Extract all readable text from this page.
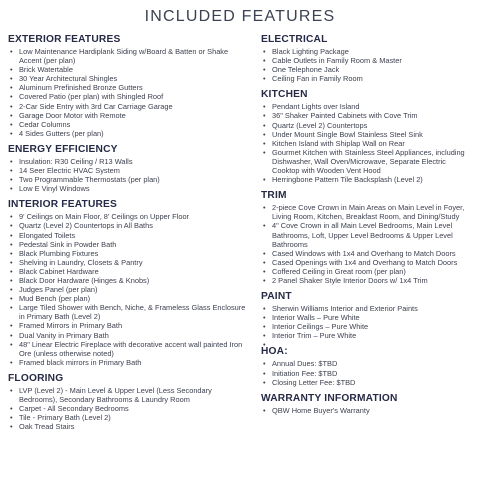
INCLUDED FEATURES
EXTERIOR FEATURES
• Low Maintenance Hardiplank Siding w/Board & Batten or Shake Accent (per plan)
• Brick Watertable
• 30 Year Architectural Shingles
• Aluminum Prefinished Bronze Gutters
• Covered Patio (per plan) with Shingled Roof
• 2-Car Side Entry with 3rd Car Carriage Garage
• Garage Door Motor with Remote
• Cedar Columns
• 4 Sides Gutters (per plan)
ENERGY EFFICIENCY
• Insulation: R30 Ceiling / R13 Walls
• 14 Seer Electric HVAC System
• Two Programmable Thermostats (per plan)
• Low E Vinyl Windows
INTERIOR FEATURES
• 9' Ceilings on Main Floor, 8' Ceilings on Upper Floor
• Quartz (Level 2) Countertops in All Baths
• Elongated Toilets
• Pedestal Sink in Powder Bath
• Black Plumbing Fixtures
• Shelving in Laundry, Closets & Pantry
• Black Cabinet Hardware
• Black Door Hardware (Hinges & Knobs)
• Judges Panel (per plan)
• Mud Bench (per plan)
• Large Tiled Shower with Bench, Niche, & Frameless Glass Enclosure in Primary Bath (Level 2)
• Framed Mirrors in Primary Bath
• Dual Vanity in Primary Bath
• 48" Linear Electric Fireplace with decorative accent wall painted Iron Ore (unless otherwise noted)
• Framed black mirrors in Primary Bath
FLOORING
• LVP (Level 2) - Main Level & Upper Level (Less Secondary Bedrooms), Secondary Bathrooms & Laundry Room
• Carpet - All Secondary Bedrooms
• Tile - Primary Bath (Level 2)
• Oak Tread Stairs
ELECTRICAL
• Black Lighting Package
• Cable Outlets in Family Room & Master
• One Telephone Jack
• Ceiling Fan in Family Room
KITCHEN
• Pendant Lights over Island
• 36" Shaker Painted Cabinets with Cove Trim
• Quartz (Level 2) Countertops
• Under Mount Single Bowl Stainless Steel Sink
• Kitchen Island with Shiplap Wall on Rear
• Gourmet Kitchen with Stainless Steel Appliances, including Dishwasher, Wall Oven/Microwave, Separate Electric Cooktop with Wooden Vent Hood
• Herringbone Pattern Tile Backsplash (Level 2)
TRIM
• 2-piece Cove Crown in Main Areas on Main Level in Foyer, Living Room, Kitchen, Breakfast Room, and Dining/Study
• 4" Cove Crown in all Main Level Bedrooms, Main Level Bathrooms, Loft, Upper Level Bedrooms & Upper Level Bathrooms
• Cased Windows with 1x4 and Overhang to Match Doors
• Cased Openings with 1x4 and Overhang to Match Doors
• Coffered Ceiling in Great room (per plan)
• 2 Panel Shaker Style Interior Doors w/ 1x4 Trim
PAINT
• Sherwin Williams Interior and Exterior Paints
• Interior Walls – Pure White
• Interior Ceilings – Pure White
• Interior Trim – Pure White
HOA:
• Annual Dues: $TBD
• Initiation Fee: $TBD
• Closing Letter Fee: $TBD
WARRANTY INFORMATION
• QBW Home Buyer's Warranty
